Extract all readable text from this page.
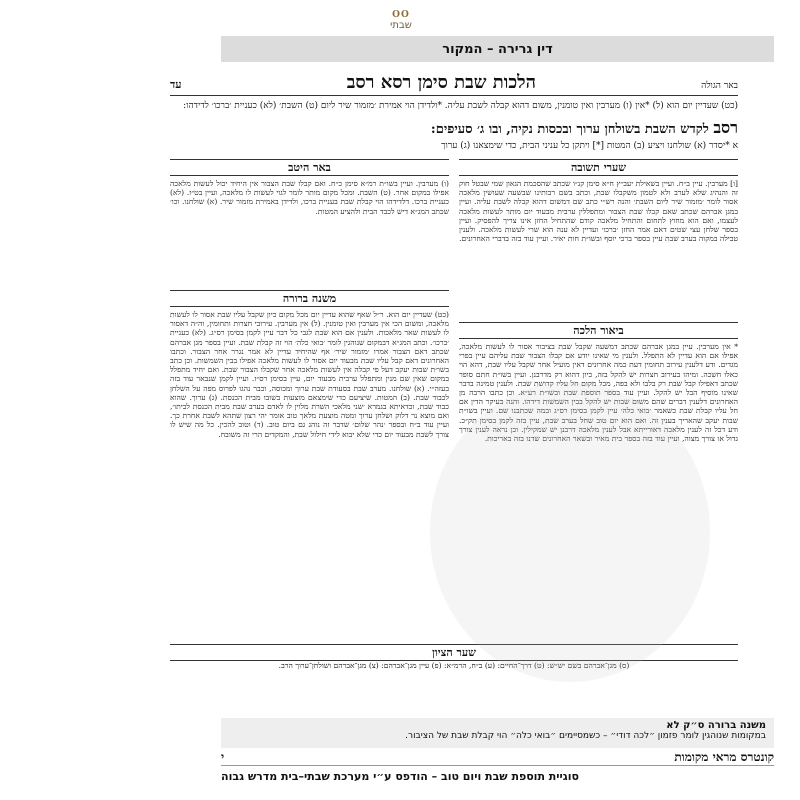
OO
שבתי
דין גרירה – המקור
באר הגולה
הלכות שבת סימן רסא רסב
עד
(כט) שעדיין יום הוא (ל) *אין (ו) מערבין ואין טומנין, משום דהוא קבלה לשבת עליה. *ולדידן הוי אמירת ׳מזמור שיר ליום (ט) השבת׳ (לא) כעניית ׳ברכו׳ לדידהו:
רסב לקדש השבת בשולחן ערוך ובכסות נקיה, ובו ג׳ סעיפים:
א *יסדר (א) שולחנו ויציע (ב) המטות [*] ויתקן כל עניני הבית, כדי שימצאנו (ג) ערוך
שערי תשובה
[ו] מערבין. עיין ב״ח. ועיין בשאילת יעב״ץ ח״א סימן קנ״ו שכתב שהסכמת הגאון שמי שבטל חוק זה והנהיג שלא לערב ולא לטמון משקבלו שבת, וכתב בשם רבותינו שבשעה שעושין מלאכה אסור לומר ׳מזמור שיר ליום השבת׳ והנה רש״י כתב שם דמשום דהוא קבלה לשבת עליה. ועיין במגן אברהם שכתב שאם קבלו שבת הצבור ומתפללין ערבית מבעוד יום מותר לעשות מלאכה לעצמו, ואם הוא מחוץ לתחום והתחיל מלאכה קודם שהתחיל החזן אינו צריך להפסיק. ועיין בספר שלחן עצי שטים דאם אמר החזן ׳ברכו׳ ועדיין לא ענה הוא שרי לעשות מלאכה. ולענין טבילה במקוה בערב שבת עיין בספר ברכי יוסף ובשו״ת חות יאיר. ועיין עוד בזה בדברי האחרונים.
ביאור הלכה
* אין מערבין. עיין במגן אברהם שכתב דמשעה שקבל שבת בציבור אסור לו לעשות מלאכה, אפילו אם הוא עדיין לא התפלל. ולענין מי שאינו יודע אם קבלו הצבור שבת עליהם עיין בפרי מגדים. ודע דלענין עירוב תחומין דעת כמה אחרונים דאין מועיל אחר שקבל עליו שבת, דהא הוי כאלו חשכה. ומיהו בעירוב חצרות יש להקל בזה, כיון דהוא רק מדרבנן. ועיין בשו״ת חתם סופר שכתב דאפילו קבל שבת רק בלבו ולא בפה, מכל מקום חל עליו קדושת שבת. ולענין טמינה בדבר שאינו מוסיף הבל יש להקל. ועיין עוד בספר תוספת שבת ובשו״ת רע״א. וכן כתבו הרבה מן האחרונים דלענין דברים שהם משום שבות יש להקל בבין השמשות דידהו. והנה בעיקר הדין אם חל עליו קבלת שבת כשאמר ׳בואי כלה׳ עיין לקמן בסימן רס״ג ובמה שכתבנו שם. ועיין בשו״ת שבות יעקב שהאריך בענין זה. ואם הוא יום טוב שחל בערב שבת, עיין בזה לקמן בסימן תק״כ. ודע דכל זה לענין מלאכה דאורייתא אבל לענין מלאכה דרבנן יש שמקילין. וכן נראה לענין צורך גדול או צורך מצוה, ועיין עוד בזה בספר בית מאיר ובשאר האחרונים שדנו בזה באריכות.
באר היטב
(ו) מערבין. ועיין בשו״ת רמ״א סימן כ״ח. ואם קבלו שבת הצבור אין היחיד יכול לעשות מלאכה אפילו במקום אחר. (ט) השבת. ומכל מקום מותר לומר לגוי לעשות לו מלאכה, ועיין בט״ז. (לא) כעניית ברכו. דלדידהו הוי קבלת שבת בעניית ברכו, ולדידן באמירת מזמור שיר. (א) שולחנו. וכו׳ שכתב המג״א דיש לכבד הבית ולהציע המטות.
משנה ברורה
(כט) שעדיין יום הוא. ר״ל שאף שהוא עדיין יום מכל מקום כיון שקבל עליו שבת אסור לו לעשות מלאכה, ומשום הכי אין מערבין ואין טומנין. (ל) אין מערבין. עירובי חצרות ותחומין, וה״ה דאסור לו לעשות שאר מלאכות. ולענין אם הוא שבת לגבי כל דבר עיין לקמן בסימן רס״ג. (לא) כעניית ׳ברכו׳. וכתב המג״א דבמקום שנוהגין לומר ׳בואי כלה׳ הוי זה קבלת שבת. ועיין בספר מגן אברהם שכתב דאם הצבור אמרו ׳מזמור שיר׳ אף שהיחיד עדיין לא אמר נגרר אחר הצבור. וכתבו האחרונים דאם קבל עליו שבת מבעוד יום אסור לו לעשות מלאכה אפילו בבין השמשות. וכן כתב בשו״ת שבות יעקב דעל פי קבלה אין לעשות מלאכה אחר שקבלו הצבור שבת. ואם יחיד מתפלל במקום שאין שם מנין ומתפלל ערבית מבעוד יום, עיין בסימן רס״ז. ועיין לקמן שנבאר עוד בזה בעזה״י. (א) שולחנו. מערב שבת בסעודת שבת ערוך ומכוסה, וכבר נהגו לפרוס מפה על השלחן לכבוד שבת. (ב) המטות. שיציעם כדי שימצאם מוצעות בשובו מבית הכנסת. (ג) ערוך. שהוא כבוד שבת, וכדאיתא בגמרא ׳שני מלאכי השרת מלוין לו לאדם בערב שבת מבית הכנסת לביתו׳, ואם מוצא נר דלוק ושלחן ערוך ומטה מוצעת מלאך טוב אומר יהי רצון שתהא לשבת אחרת כך. ועיין עוד ב״ח ובספר ׳נהר שלום׳ שדבר זה נוהג גם ביום טוב. (ד) וטוב להכין. כל מה שיש לו צורך לשבת מבעוד יום כדי שלא יבוא לידי חילול שבת, והמקדים הרי זה משובח.
שער הציון
(ס) מגן־אברהם בשם יש״ש: (ט) דרך־החיים: (ע) ב״ח, הרמ״א: (פ) עיין מגן־אברהם: (צ) מגן־אברהם ושולחן־ערוך הרב.
משנה ברורה ס״ק לא
במקומות שנוהגין לומר פזמון ״לכה דודי״ – כשמסיימים ״בואי כלה״ הוי קבלת שבת של הציבור.
קונטרס מראי מקומות
י
סוגיית תוספת שבת ויום טוב – הודפס ע״י מערכת שבתי–בית מדרש גבוה
